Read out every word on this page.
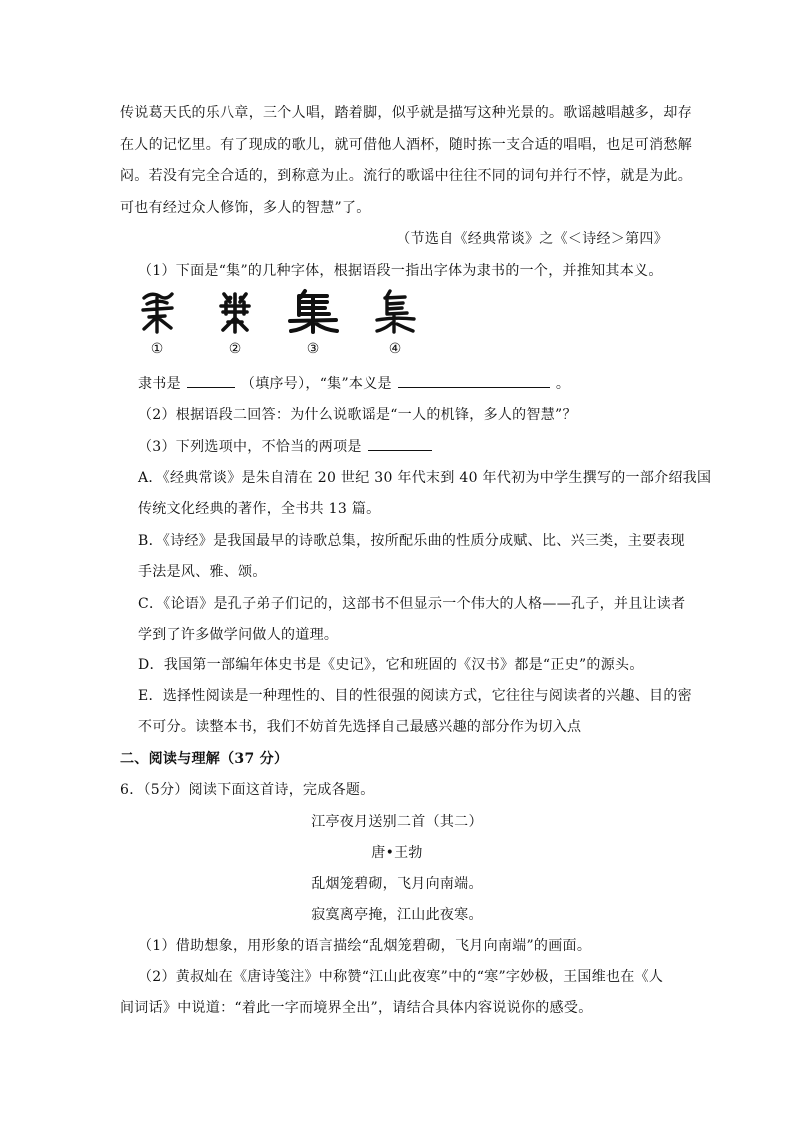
传说葛天氏的乐八章，三个人唱，踏着脚，似乎就是描写这种光景的。歌谣越唱越多，却存
在人的记忆里。有了现成的歌儿，就可借他人酒杯，随时拣一支合适的唱唱，也足可消愁解
闷。若没有完全合适的，到称意为止。流行的歌谣中往往不同的词句并行不悖，就是为此。
可也有经过众人修饰，多人的智慧”了。
（节选自《经典常谈》之《＜诗经＞第四》
（1）下面是“集”的几种字体，根据语段一指出字体为隶书的一个，并推知其本义。
①	②	③	④
隶书是	（填序号），“集”本义是	。
（2）根据语段二回答：为什么说歌谣是“一人的机锋，多人的智慧”？
（3）下列选项中，不恰当的两项是
A．《经典常谈》是朱自清在 20 世纪 30 年代末到 40 年代初为中学生撰写的一部介绍我国
传统文化经典的著作，全书共 13 篇。
B．《诗经》是我国最早的诗歌总集，按所配乐曲的性质分成赋、比、兴三类，主要表现
手法是风、雅、颂。
C．《论语》是孔子弟子们记的，这部书不但显示一个伟大的人格——孔子，并且让读者
学到了许多做学问做人的道理。
D．我国第一部编年体史书是《史记》，它和班固的《汉书》都是“正史”的源头。
E．选择性阅读是一种理性的、目的性很强的阅读方式，它往往与阅读者的兴趣、目的密
不可分。读整本书，我们不妨首先选择自己最感兴趣的部分作为切入点
二、阅读与理解（37 分）
6．（5分）阅读下面这首诗，完成各题。
江亭夜月送别二首（其二）
唐•王勃
乱烟笼碧砌，飞月向南端。
寂寞离亭掩，江山此夜寒。
（1）借助想象，用形象的语言描绘“乱烟笼碧砌，飞月向南端”的画面。
（2）黄叔灿在《唐诗笺注》中称赞“江山此夜寒”中的“寒”字妙极，王国维也在《人
间词话》中说道：“着此一字而境界全出”，请结合具体内容说说你的感受。
